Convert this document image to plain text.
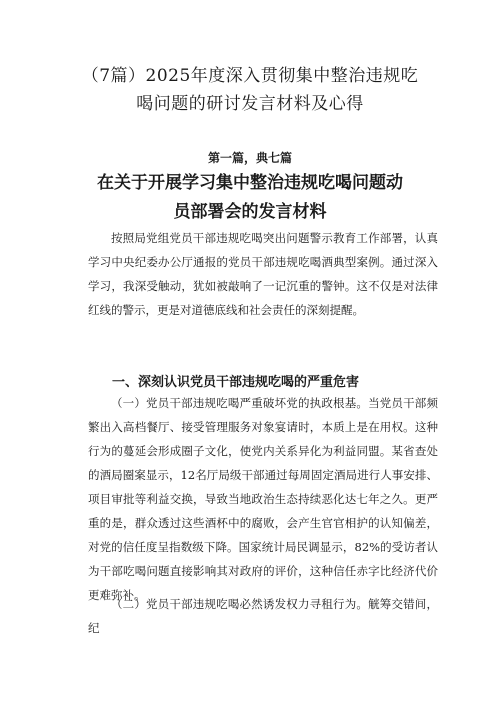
（7篇）2025年度深入贯彻集中整治违规吃
喝问题的研讨发言材料及心得
第一篇，典七篇
在关于开展学习集中整治违规吃喝问题动
员部署会的发言材料

按照局党组党员干部违规吃喝突出问题警示教育工作部署，认真学习中央纪委办公厅通报的党员干部违规吃喝酒典型案例。通过深入学习，我深受触动，犹如被敲响了一记沉重的警钟。这不仅是对法律红线的警示，更是对道德底线和社会责任的深刻提醒。

一、深刻认识党员干部违规吃喝的严重危害

（一）党员干部违规吃喝严重破坏党的执政根基。当党员干部频繁出入高档餐厅、接受管理服务对象宴请时，本质上是在用权。这种行为的蔓延会形成圈子文化，使党内关系异化为利益同盟。某省查处的酒局圈案显示，12名厅局级干部通过每周固定酒局进行人事安排、项目审批等利益交换，导致当地政治生态持续恶化达七年之久。更严重的是，群众透过这些酒杯中的腐败，会产生官官相护的认知偏差，对党的信任度呈指数级下降。国家统计局民调显示，82%的受访者认为干部吃喝问题直接影响其对政府的评价，这种信任赤字比经济代价更难弥补。

（二）党员干部违规吃喝必然诱发权力寻租行为。觥筹交错间，纪
